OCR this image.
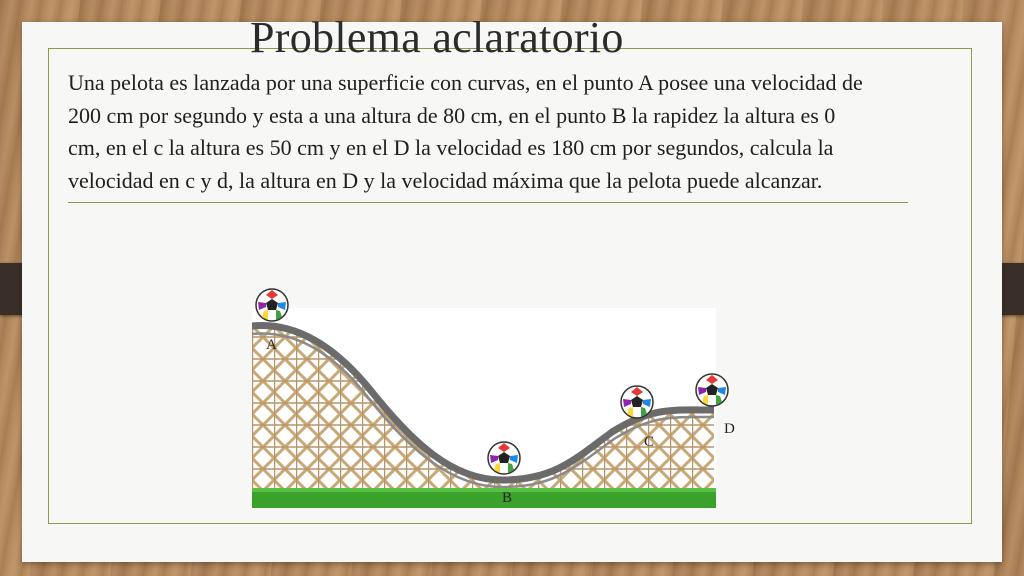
Problema aclaratorio

Una pelota es lanzada por una superficie con curvas, en el punto A posee una velocidad de 200 cm por segundo y esta a una altura de 80 cm, en el punto B la rapidez la altura es 0 cm, en el c la altura es 50 cm y en el D la velocidad es 180 cm por segundos, calcula la velocidad en c y d, la altura en D y la velocidad máxima que la pelota puede alcanzar.

A
B
C
D
